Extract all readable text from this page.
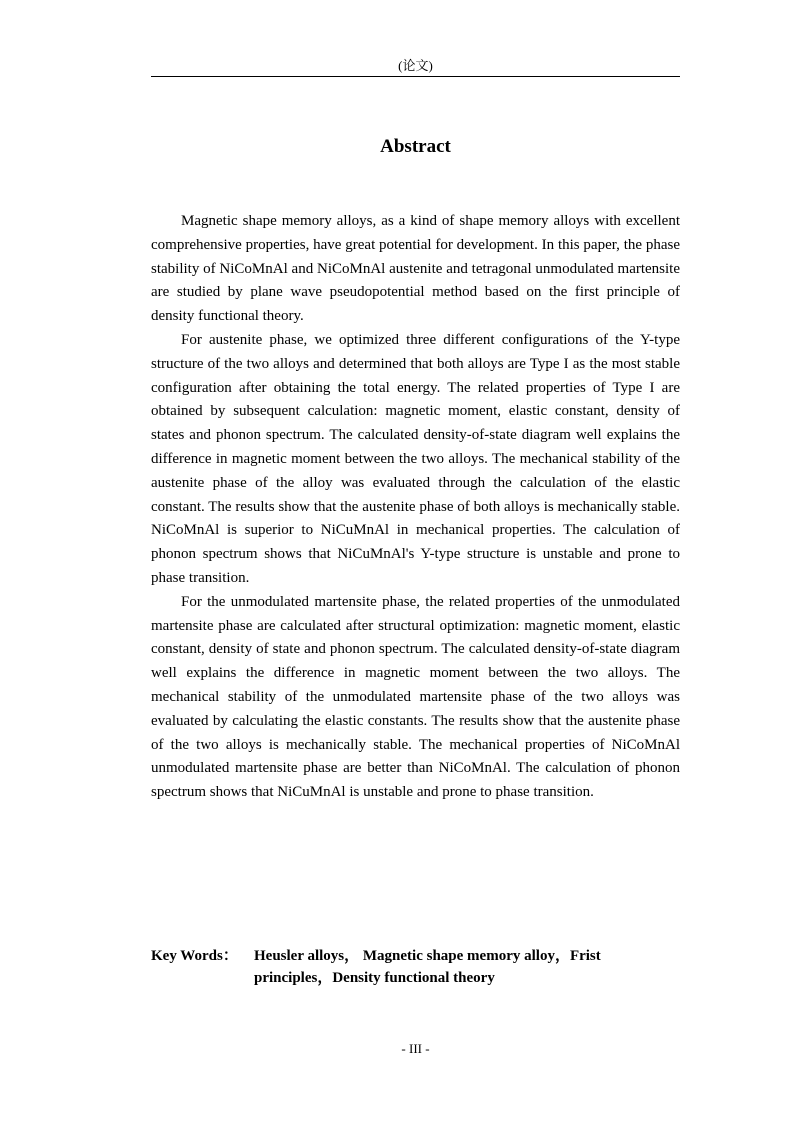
(论文)
Abstract

Magnetic shape memory alloys, as a kind of shape memory alloys with excellent comprehensive properties, have great potential for development. In this paper, the phase stability of NiCoMnAl and NiCoMnAl austenite and tetragonal unmodulated martensite are studied by plane wave pseudopotential method based on the first principle of density functional theory.

For austenite phase, we optimized three different configurations of the Y-type structure of the two alloys and determined that both alloys are Type I as the most stable configuration after obtaining the total energy. The related properties of Type I are obtained by subsequent calculation: magnetic moment, elastic constant, density of states and phonon spectrum. The calculated density-of-state diagram well explains the difference in magnetic moment between the two alloys. The mechanical stability of the austenite phase of the alloy was evaluated through the calculation of the elastic constant. The results show that the austenite phase of both alloys is mechanically stable. NiCoMnAl is superior to NiCuMnAl in mechanical properties. The calculation of phonon spectrum shows that NiCuMnAl's Y-type structure is unstable and prone to phase transition.

For the unmodulated martensite phase, the related properties of the unmodulated martensite phase are calculated after structural optimization: magnetic moment, elastic constant, density of state and phonon spectrum. The calculated density-of-state diagram well explains the difference in magnetic moment between the two alloys. The mechanical stability of the unmodulated martensite phase of the two alloys was evaluated by calculating the elastic constants. The results show that the austenite phase of the two alloys is mechanically stable. The mechanical properties of NiCoMnAl unmodulated martensite phase are better than NiCoMnAl. The calculation of phonon spectrum shows that NiCuMnAl is unstable and prone to phase transition.

Key Words：	Heusler alloys， Magnetic shape memory alloy，Frist
principles，Density functional theory
- III -
